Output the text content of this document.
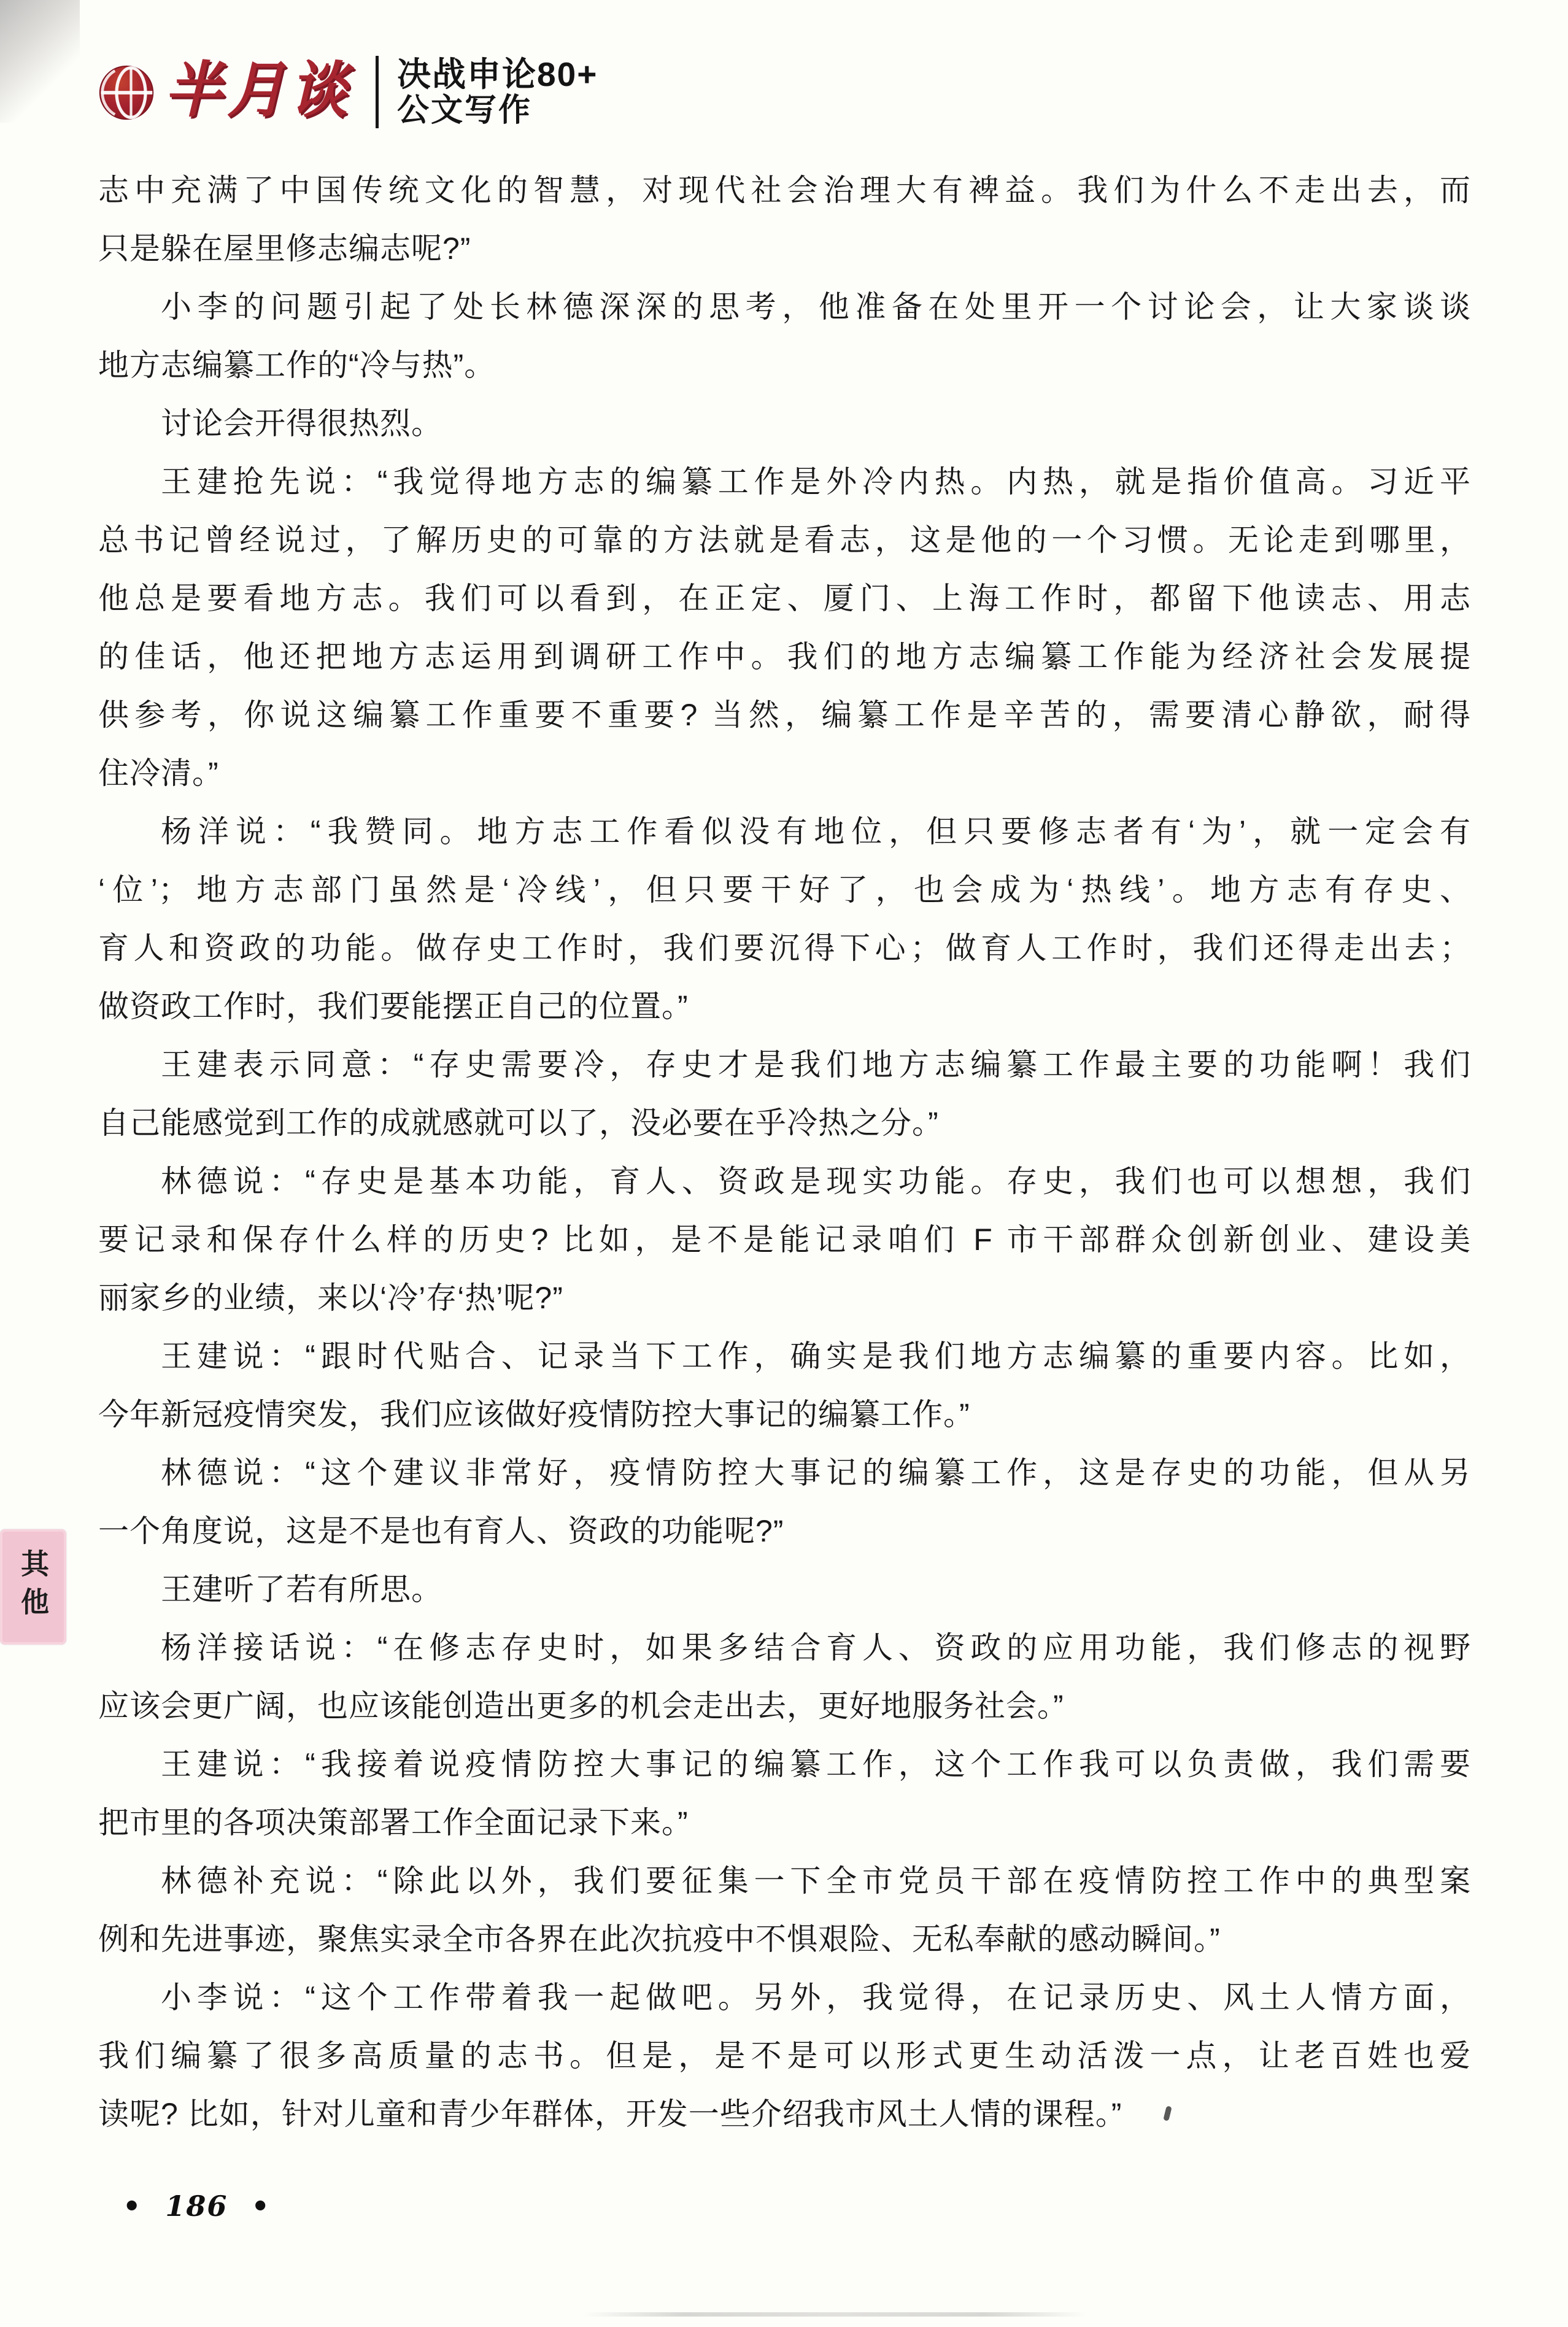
半月谈 决战申论80+
公文写作
志中充满了中国传统文化的智慧，对现代社会治理大有裨益。我们为什么不走出去，而
只是躲在屋里修志编志呢?”
小李的问题引起了处长林德深深的思考，他准备在处里开一个讨论会，让大家谈谈
地方志编纂工作的“冷与热”。
讨论会开得很热烈。
王建抢先说：“我觉得地方志的编纂工作是外冷内热。内热，就是指价值高。习近平
总书记曾经说过，了解历史的可靠的方法就是看志，这是他的一个习惯。无论走到哪里，
他总是要看地方志。我们可以看到，在正定、厦门、上海工作时，都留下他读志、用志
的佳话，他还把地方志运用到调研工作中。我们的地方志编纂工作能为经济社会发展提
供参考，你说这编纂工作重要不重要? 当然，编纂工作是辛苦的，需要清心静欲，耐得
住冷清。”
杨洋说：“我赞同。地方志工作看似没有地位，但只要修志者有‘为’，就一定会有
‘位’；地方志部门虽然是‘冷线’，但只要干好了，也会成为‘热线’。地方志有存史、
育人和资政的功能。做存史工作时，我们要沉得下心；做育人工作时，我们还得走出去；
做资政工作时，我们要能摆正自己的位置。”
王建表示同意：“存史需要冷，存史才是我们地方志编纂工作最主要的功能啊！我们
自己能感觉到工作的成就感就可以了，没必要在乎冷热之分。”
林德说：“存史是基本功能，育人、资政是现实功能。存史，我们也可以想想，我们
要记录和保存什么样的历史? 比如，是不是能记录咱们 F 市干部群众创新创业、建设美
丽家乡的业绩，来以‘冷’存‘热’呢?”
王建说：“跟时代贴合、记录当下工作，确实是我们地方志编纂的重要内容。比如，
今年新冠疫情突发，我们应该做好疫情防控大事记的编纂工作。”
林德说：“这个建议非常好，疫情防控大事记的编纂工作，这是存史的功能，但从另
一个角度说，这是不是也有育人、资政的功能呢?”
王建听了若有所思。
杨洋接话说：“在修志存史时，如果多结合育人、资政的应用功能，我们修志的视野
应该会更广阔，也应该能创造出更多的机会走出去，更好地服务社会。”
王建说：“我接着说疫情防控大事记的编纂工作，这个工作我可以负责做，我们需要
把市里的各项决策部署工作全面记录下来。”
林德补充说：“除此以外，我们要征集一下全市党员干部在疫情防控工作中的典型案
例和先进事迹，聚焦实录全市各界在此次抗疫中不惧艰险、无私奉献的感动瞬间。”
小李说：“这个工作带着我一起做吧。另外，我觉得，在记录历史、风土人情方面，
我们编纂了很多高质量的志书。但是，是不是可以形式更生动活泼一点，让老百姓也爱
读呢? 比如，针对儿童和青少年群体，开发一些介绍我市风土人情的课程。”
其他
• 186 •
